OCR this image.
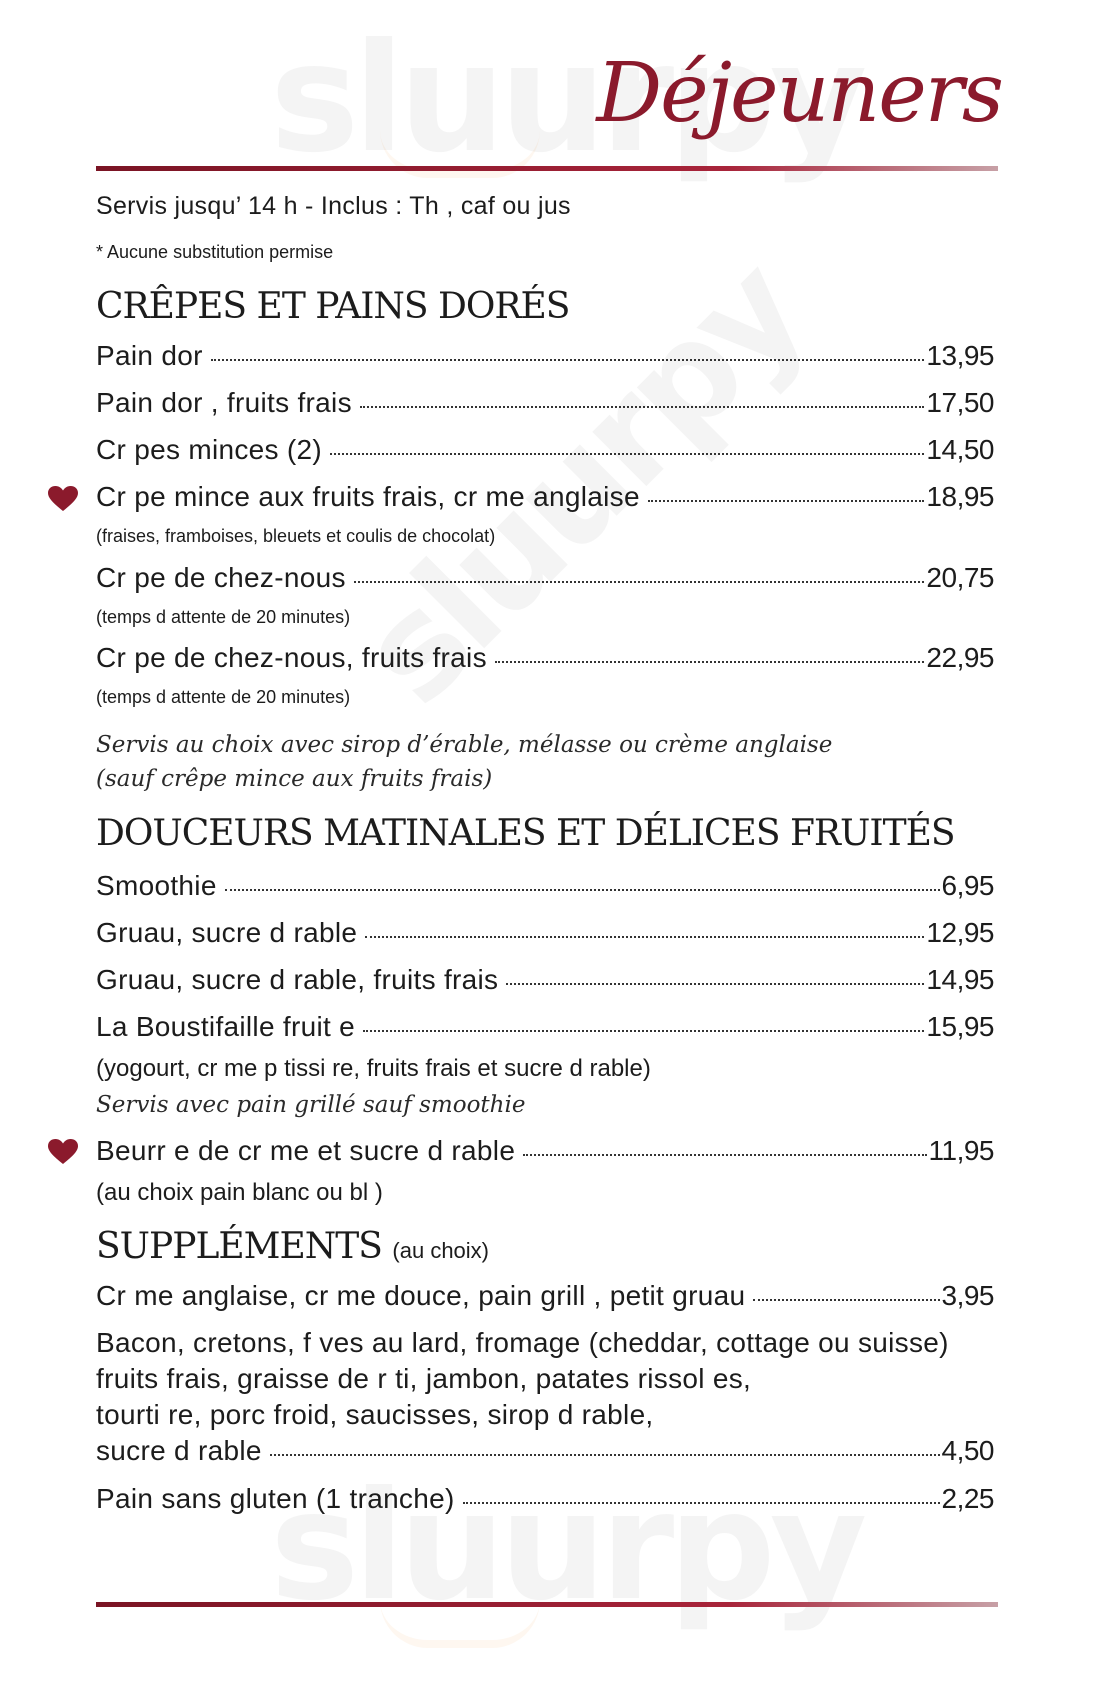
Déjeuners
Servis jusqu’ 14 h - Inclus : Th , caf ou jus
* Aucune substitution permise
CRÊPES ET PAINS DORÉS
Pain dor	13,95
Pain dor , fruits frais	17,50
Cr pes minces (2)	14,50
Cr pe mince aux fruits frais, cr me anglaise	18,95
(fraises, framboises, bleuets et coulis de chocolat)
Cr pe de chez-nous	20,75
(temps d attente de 20 minutes)
Cr pe de chez-nous, fruits frais	22,95
(temps d attente de 20 minutes)
Servis au choix avec sirop d’érable, mélasse ou crème anglaise
(sauf crêpe mince aux fruits frais)
DOUCEURS MATINALES ET DÉLICES FRUITÉS
Smoothie	6,95
Gruau, sucre d rable	12,95
Gruau, sucre d rable, fruits frais	14,95
La Boustifaille fruit e	15,95
(yogourt, cr me p tissi re, fruits frais et sucre d rable)
Servis avec pain grillé sauf smoothie
Beurr e de cr me et sucre d rable	11,95
(au choix pain blanc ou bl )
SUPPLÉMENTS (au choix)
Cr me anglaise, cr me douce, pain grill , petit gruau	3,95
Bacon, cretons, f ves au lard, fromage (cheddar, cottage ou suisse)
fruits frais, graisse de r ti, jambon, patates rissol es,
tourti re, porc froid, saucisses, sirop d rable,
sucre d rable	4,50
Pain sans gluten (1 tranche)	2,25
